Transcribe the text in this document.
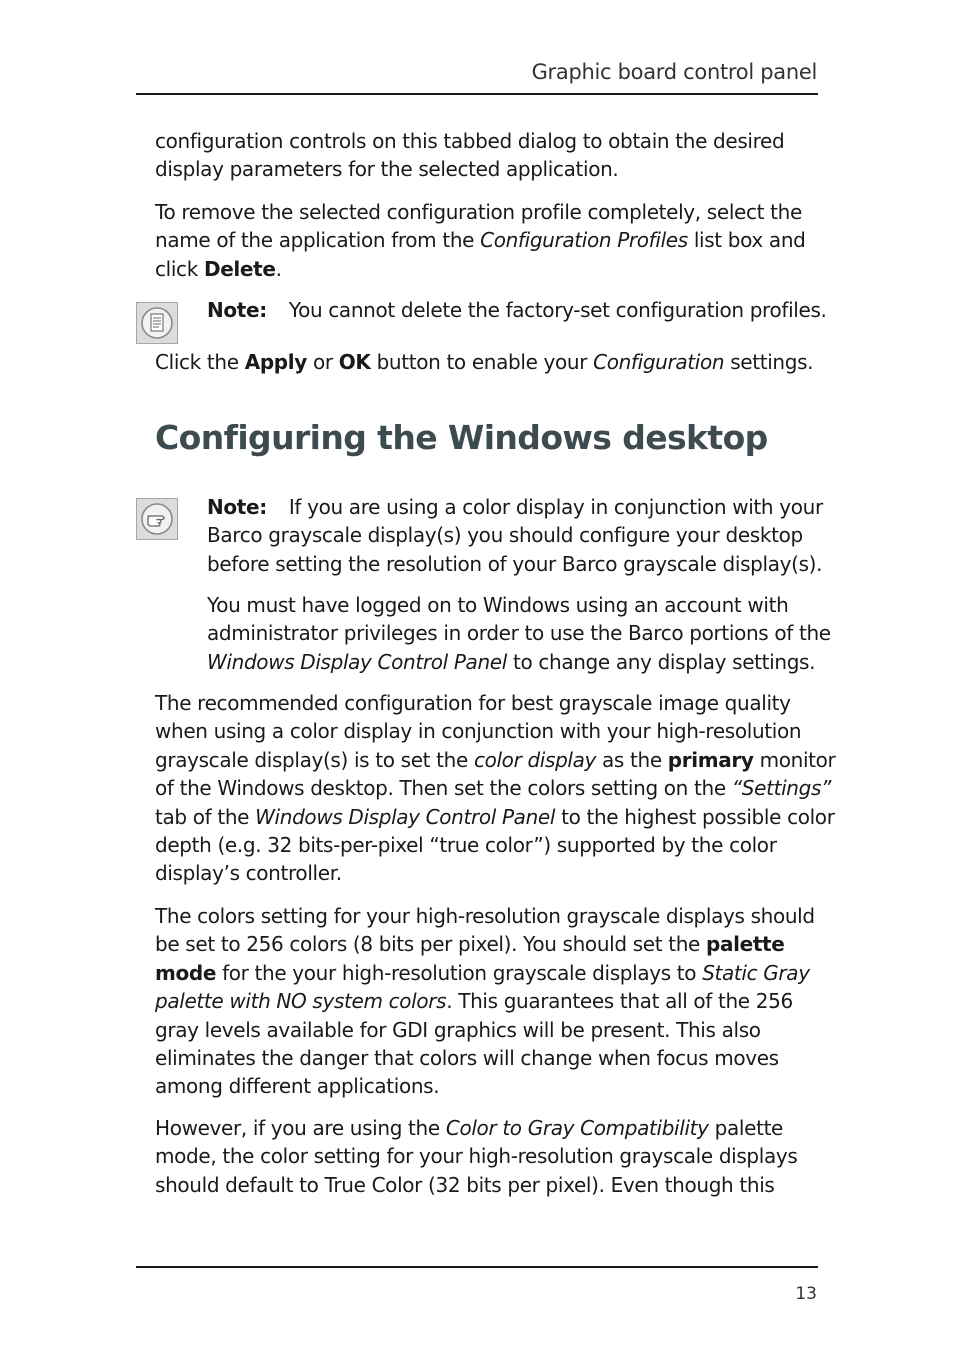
Graphic board control panel

configuration controls on this tabbed dialog to obtain the desired
display parameters for the selected application.

To remove the selected configuration profile completely, select the
name of the application from the Configuration Profiles list box and
click Delete.

Note: You cannot delete the factory-set configuration profiles.

Click the Apply or OK button to enable your Configuration settings.

Configuring the Windows desktop

Note: If you are using a color display in conjunction with your
Barco grayscale display(s) you should configure your desktop
before setting the resolution of your Barco grayscale display(s).

You must have logged on to Windows using an account with
administrator privileges in order to use the Barco portions of the
Windows Display Control Panel to change any display settings.

The recommended configuration for best grayscale image quality
when using a color display in conjunction with your high-resolution
grayscale display(s) is to set the color display as the primary monitor
of the Windows desktop. Then set the colors setting on the “Settings”
tab of the Windows Display Control Panel to the highest possible color
depth (e.g. 32 bits-per-pixel “true color”) supported by the color
display’s controller.

The colors setting for your high-resolution grayscale displays should
be set to 256 colors (8 bits per pixel). You should set the palette
mode for the your high-resolution grayscale displays to Static Gray
palette with NO system colors. This guarantees that all of the 256
gray levels available for GDI graphics will be present. This also
eliminates the danger that colors will change when focus moves
among different applications.

However, if you are using the Color to Gray Compatibility palette
mode, the color setting for your high-resolution grayscale displays
should default to True Color (32 bits per pixel). Even though this

13
